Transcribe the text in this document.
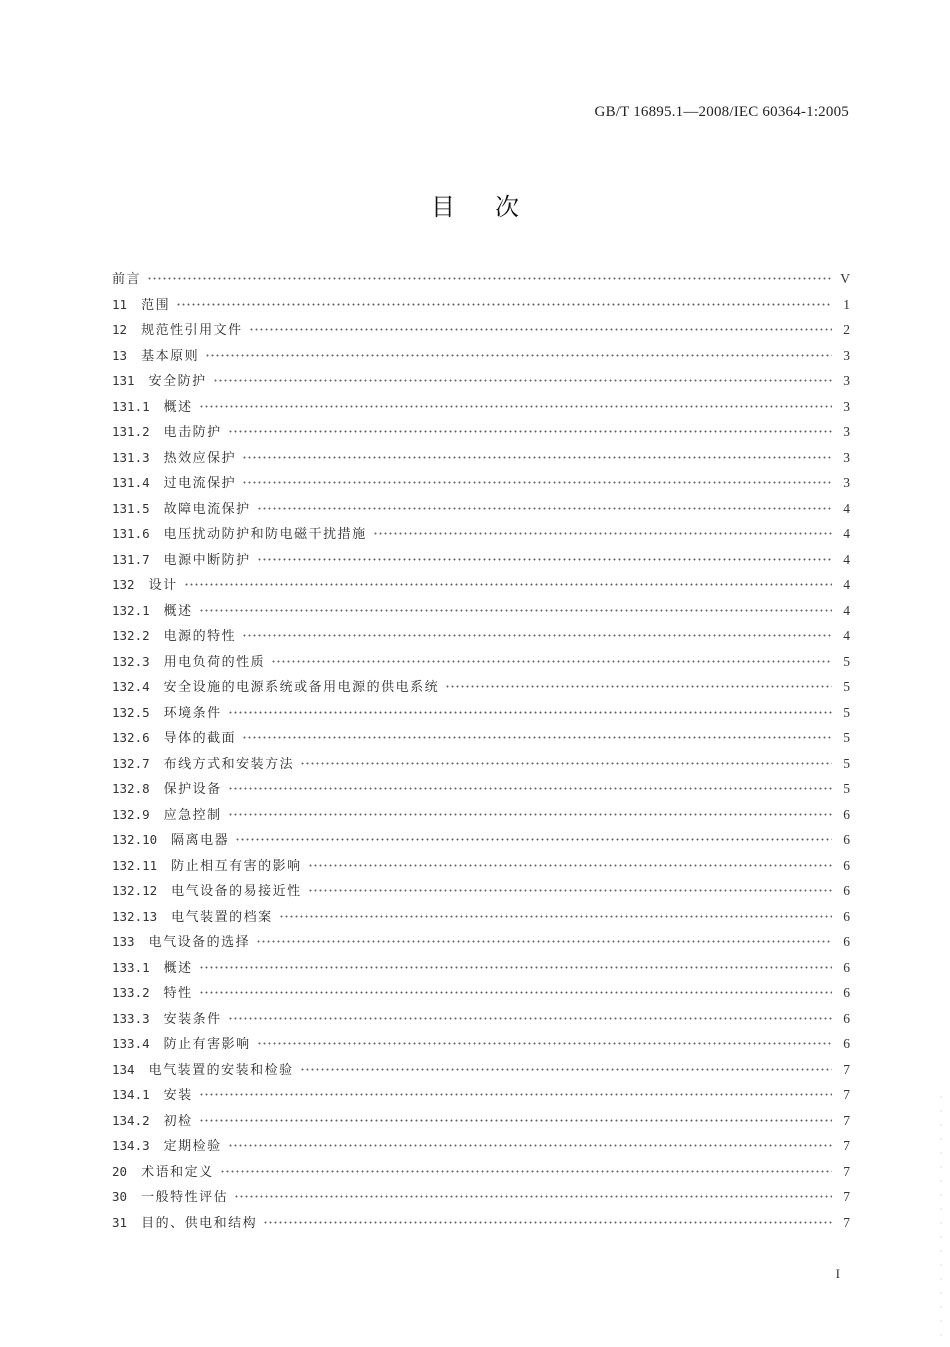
GB/T 16895.1—2008/IEC 60364-1:2005
目次
前言	V
11 范围	1
12 规范性引用文件	2
13 基本原则	3
131 安全防护	3
131.1 概述	3
131.2 电击防护	3
131.3 热效应保护	3
131.4 过电流保护	3
131.5 故障电流保护	4
131.6 电压扰动防护和防电磁干扰措施	4
131.7 电源中断防护	4
132 设计	4
132.1 概述	4
132.2 电源的特性	4
132.3 用电负荷的性质	5
132.4 安全设施的电源系统或备用电源的供电系统	5
132.5 环境条件	5
132.6 导体的截面	5
132.7 布线方式和安装方法	5
132.8 保护设备	5
132.9 应急控制	6
132.10 隔离电器	6
132.11 防止相互有害的影响	6
132.12 电气设备的易接近性	6
132.13 电气装置的档案	6
133 电气设备的选择	6
133.1 概述	6
133.2 特性	6
133.3 安装条件	6
133.4 防止有害影响	6
134 电气装置的安装和检验	7
134.1 安装	7
134.2 初检	7
134.3 定期检验	7
20 术语和定义	7
30 一般特性评估	7
31 目的、供电和结构	7
I
